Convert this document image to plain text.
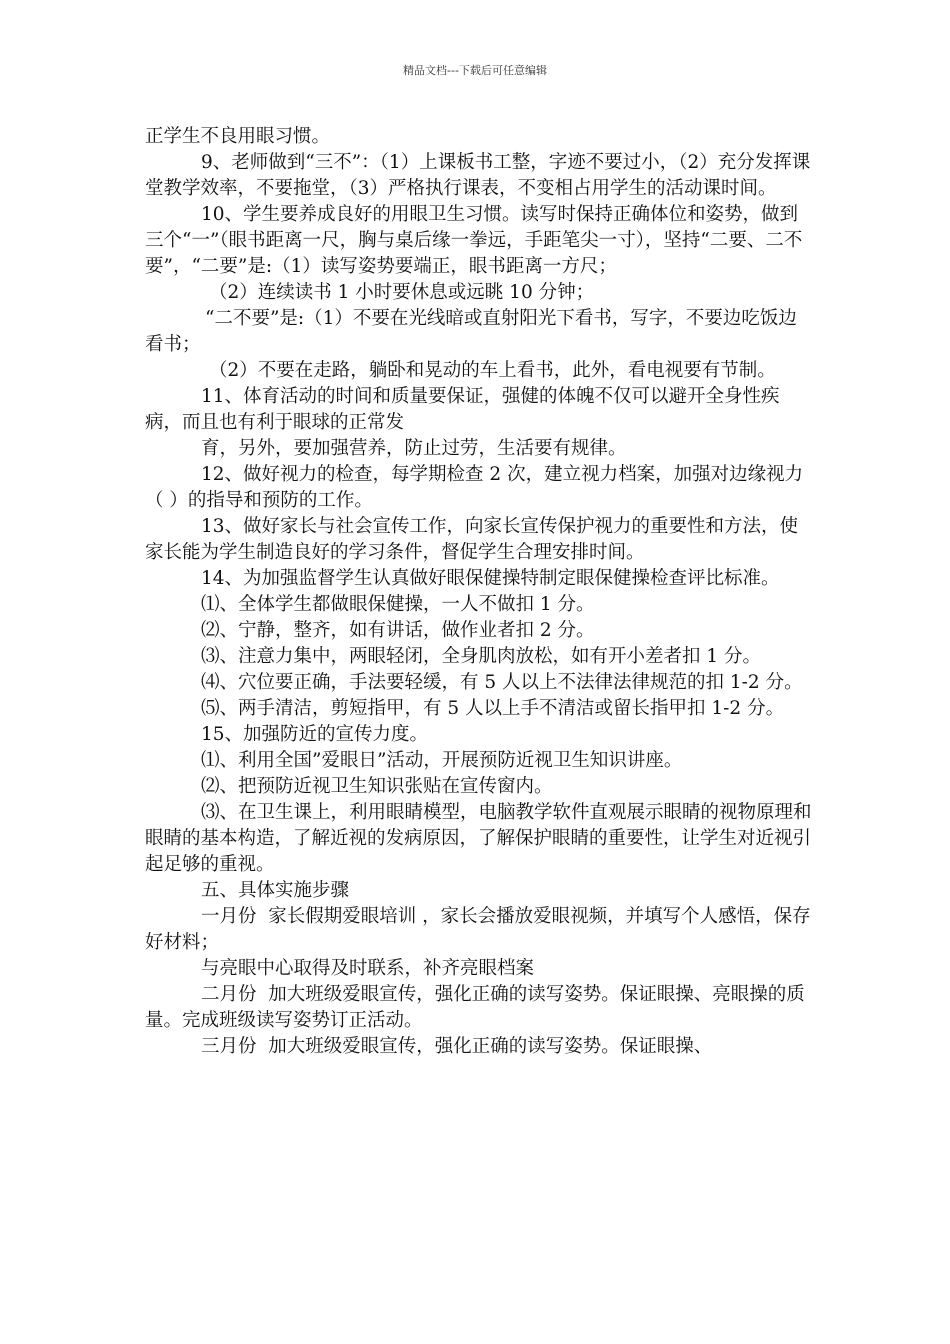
精品文档---下载后可任意编辑

正学生不良用眼习惯。

9、老师做到“三不”：（1）上课板书工整，字迹不要过小，（2）充分发挥课堂教学效率，不要拖堂，（3）严格执行课表，不变相占用学生的活动课时间。

10、学生要养成良好的用眼卫生习惯。读写时保持正确体位和姿势，做到三个“一”（眼书距离一尺，胸与桌后缘一拳远，手距笔尖一寸），坚持“二要、二不要”，“二要”是:（1）读写姿势要端正，眼书距离一方尺；

（2）连续读书 1 小时要休息或远眺 10 分钟；

“二不要”是:（1）不要在光线暗或直射阳光下看书，写字，不要边吃饭边看书；

（2）不要在走路，躺卧和晃动的车上看书，此外，看电视要有节制。

11、体育活动的时间和质量要保证，强健的体魄不仅可以避开全身性疾病，而且也有利于眼球的正常发

育，另外，要加强营养，防止过劳，生活要有规律。

12、做好视力的检查，每学期检查 2 次，建立视力档案，加强对边缘视力（ ）的指导和预防的工作。

13、做好家长与社会宣传工作，向家长宣传保护视力的重要性和方法，使家长能为学生制造良好的学习条件，督促学生合理安排时间。

14、为加强监督学生认真做好眼保健操特制定眼保健操检查评比标准。

⑴、全体学生都做眼保健操，一人不做扣 1 分。

⑵、宁静，整齐，如有讲话，做作业者扣 2 分。

⑶、注意力集中，两眼轻闭，全身肌肉放松，如有开小差者扣 1 分。

⑷、穴位要正确，手法要轻缓，有 5 人以上不法律法律规范的扣 1-2 分。

⑸、两手清洁，剪短指甲，有 5 人以上手不清洁或留长指甲扣 1-2 分。

15、加强防近的宣传力度。

⑴、利用全国”爱眼日”活动，开展预防近视卫生知识讲座。

⑵、把预防近视卫生知识张贴在宣传窗内。

⑶、在卫生课上，利用眼睛模型，电脑教学软件直观展示眼睛的视物原理和眼睛的基本构造，了解近视的发病原因，了解保护眼睛的重要性，让学生对近视引起足够的重视。

五、具体实施步骤

一月份  家长假期爱眼培训 ，家长会播放爱眼视频，并填写个人感悟，保存好材料；

与亮眼中心取得及时联系，补齐亮眼档案

二月份  加大班级爱眼宣传，强化正确的读写姿势。保证眼操、亮眼操的质量。完成班级读写姿势订正活动。

三月份  加大班级爱眼宣传，强化正确的读写姿势。保证眼操、
